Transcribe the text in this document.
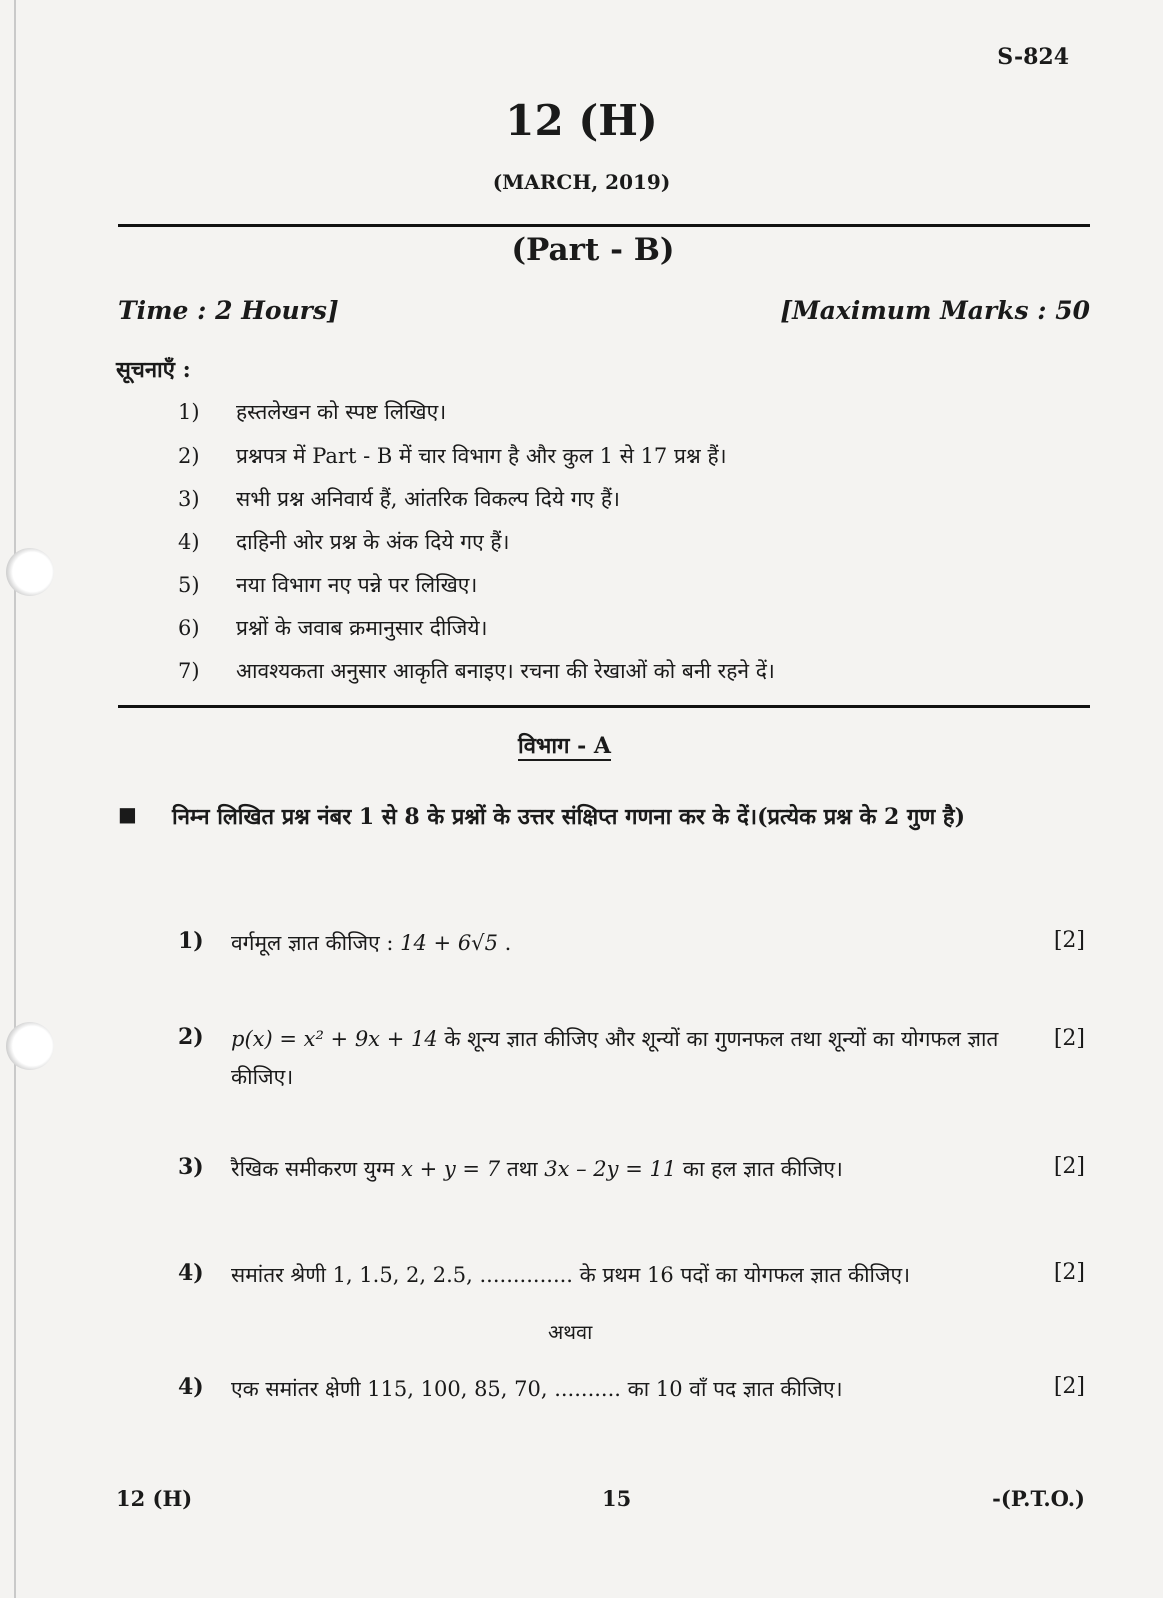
S-824
12 (H)
(MARCH, 2019)
(Part - B)
Time : 2 Hours]	[Maximum Marks : 50
सूचनाएँ :
1) हस्तलेखन को स्पष्ट लिखिए।
2) प्रश्नपत्र में Part - B में चार विभाग है और कुल 1 से 17 प्रश्न हैं।
3) सभी प्रश्न अनिवार्य हैं, आंतरिक विकल्प दिये गए हैं।
4) दाहिनी ओर प्रश्न के अंक दिये गए हैं।
5) नया विभाग नए पन्ने पर लिखिए।
6) प्रश्नों के जवाब क्रमानुसार दीजिये।
7) आवश्यकता अनुसार आकृति बनाइए। रचना की रेखाओं को बनी रहने दें।
विभाग - A
■ निम्न लिखित प्रश्न नंबर 1 से 8 के प्रश्नों के उत्तर संक्षिप्त गणना कर के दें।(प्रत्येक प्रश्न के 2 गुण है)
1) वर्गमूल ज्ञात कीजिए : 14 + 6√5 .	[2]
2) p(x) = x² + 9x + 14 के शून्य ज्ञात कीजिए और शून्यों का गुणनफल तथा शून्यों का योगफल ज्ञात कीजिए।
[2]
3) रैखिक समीकरण युग्म x + y = 7 तथा 3x – 2y = 11 का हल ज्ञात कीजिए।	[2]
4) समांतर श्रेणी 1, 1.5, 2, 2.5, .............. के प्रथम 16 पदों का योगफल ज्ञात कीजिए।	[2]
अथवा
4) एक समांतर क्षेणी 115, 100, 85, 70, .......... का 10 वाँ पद ज्ञात कीजिए।	[2]
12 (H)	15	-(P.T.O.)
